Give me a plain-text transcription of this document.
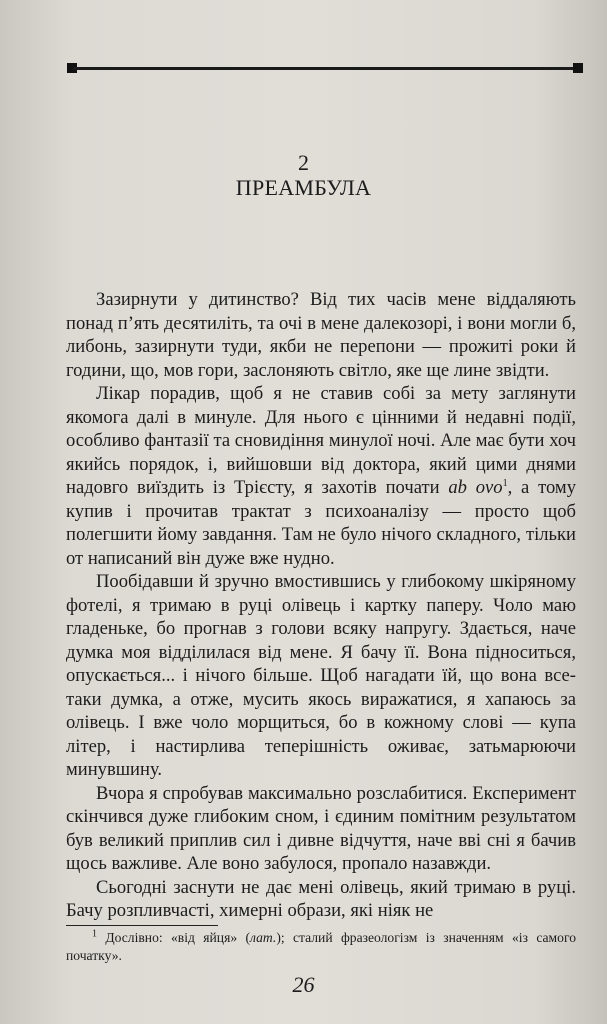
2
ПРЕАМБУЛА

Зазирнути у дитинство? Від тих часів мене віддаляють понад п’ять десятиліть, та очі в мене далекозорі, і вони могли б, либонь, зазирнути туди, якби не перепони — прожиті роки й години, що, мов гори, заслоняють світло, яке ще лине звідти.

Лікар порадив, щоб я не ставив собі за мету заглянути якомога далі в минуле. Для нього є цінними й недавні події, особливо фантазії та сновидіння минулої ночі. Але має бути хоч якийсь порядок, і, вийшовши від доктора, який цими днями надовго виїздить із Трієсту, я захотів почати ab ovo$^1$, а тому купив і прочитав трактат з психоаналізу — просто щоб полегшити йому завдання. Там не було нічого складного, тільки от написаний він дуже вже нудно.

Пообідавши й зручно вмостившись у глибокому шкіряному фотелі, я тримаю в руці олівець і картку паперу. Чоло маю гладеньке, бо прогнав з голови всяку напругу. Здається, наче думка моя відділилася від мене. Я бачу її. Вона підноситься, опускається... і нічого більше. Щоб нагадати їй, що вона все-таки думка, а отже, мусить якось виражатися, я хапаюсь за олівець. І вже чоло морщиться, бо в кожному слові — купа літер, і настирлива теперішність оживає, затьмарюючи минувшину.

Вчора я спробував максимально розслабитися. Експеримент скінчився дуже глибоким сном, і єдиним помітним результатом був великий приплив сил і дивне відчуття, наче вві сні я бачив щось важливе. Але воно забулося, пропало назавжди.

Сьогодні заснути не дає мені олівець, який тримаю в руці. Бачу розпливчасті, химерні образи, які ніяк не

$^1$ Дослівно: «від яйця» (лат.); сталий фразеологізм із значенням «із самого початку».
26
